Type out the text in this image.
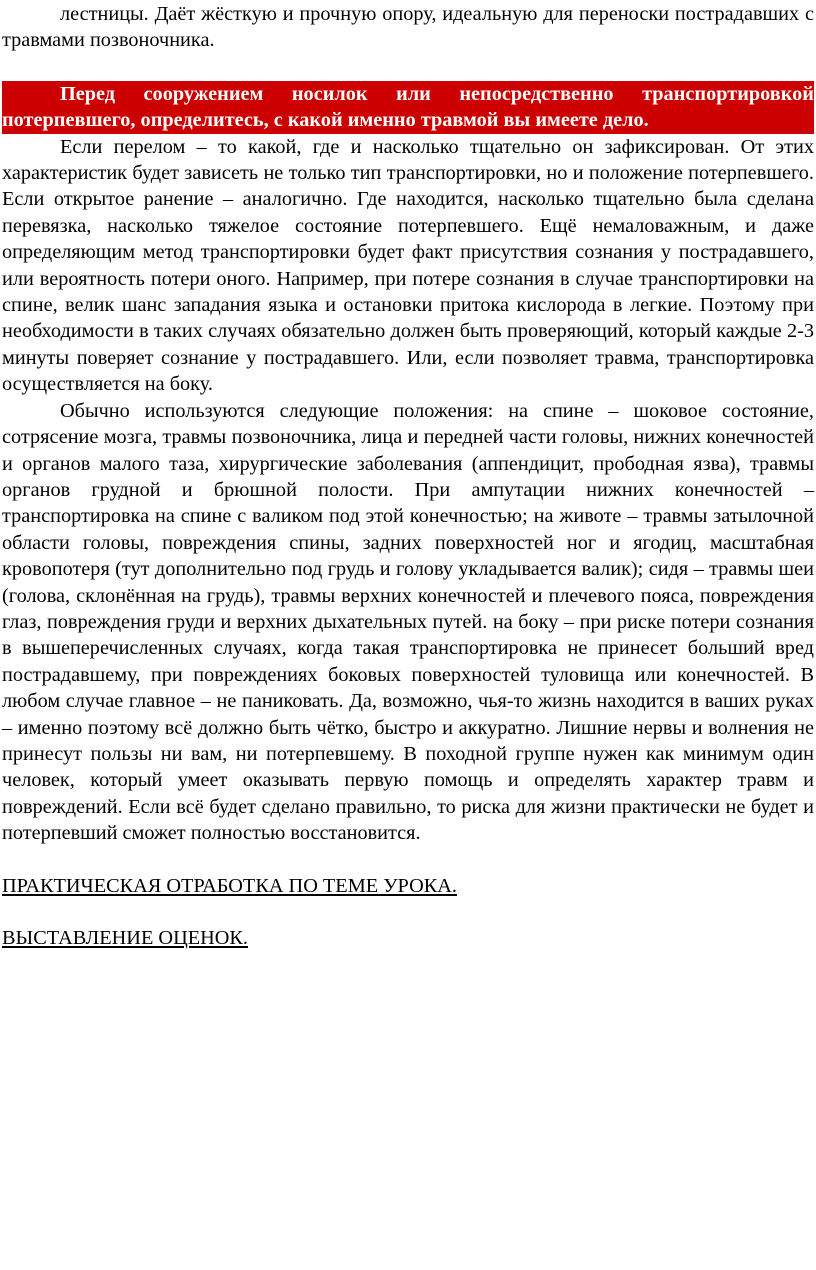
лестницы. Даёт жёсткую и прочную опору, идеальную для переноски пострадавших с травмами позвоночника.

Перед сооружением носилок или непосредственно транспортировкой потерпевшего, определитесь, с какой именно травмой вы имеете дело.

Если перелом – то какой, где и насколько тщательно он зафиксирован. От этих характеристик будет зависеть не только тип транспортировки, но и положение потерпевшего. Если открытое ранение – аналогично. Где находится, насколько тщательно была сделана перевязка, насколько тяжелое состояние потерпевшего. Ещё немаловажным, и даже определяющим метод транспортировки будет факт присутствия сознания у пострадавшего, или вероятность потери оного. Например, при потере сознания в случае транспортировки на спине, велик шанс западания языка и остановки притока кислорода в легкие. Поэтому при необходимости в таких случаях обязательно должен быть проверяющий, который каждые 2-3 минуты поверяет сознание у пострадавшего. Или, если позволяет травма, транспортировка осуществляется на боку.

Обычно используются следующие положения: на спине – шоковое состояние, сотрясение мозга, травмы позвоночника, лица и передней части головы, нижних конечностей и органов малого таза, хирургические заболевания (аппендицит, прободная язва), травмы органов грудной и брюшной полости. При ампутации нижних конечностей – транспортировка на спине с валиком под этой конечностью; на животе – травмы затылочной области головы, повреждения спины, задних поверхностей ног и ягодиц, масштабная кровопотеря (тут дополнительно под грудь и голову укладывается валик); сидя – травмы шеи (голова, склонённая на грудь), травмы верхних конечностей и плечевого пояса, повреждения глаз, повреждения груди и верхних дыхательных путей. на боку – при риске потери сознания в вышеперечисленных случаях, когда такая транспортировка не принесет больший вред пострадавшему, при повреждениях боковых поверхностей туловища или конечностей. В любом случае главное – не паниковать. Да, возможно, чья-то жизнь находится в ваших руках – именно поэтому всё должно быть чётко, быстро и аккуратно. Лишние нервы и волнения не принесут пользы ни вам, ни потерпевшему. В походной группе нужен как минимум один человек, который умеет оказывать первую помощь и определять характер травм и повреждений. Если всё будет сделано правильно, то риска для жизни практически не будет и потерпевший сможет полностью восстановится.

ПРАКТИЧЕСКАЯ ОТРАБОТКА ПО ТЕМЕ УРОКА.

ВЫСТАВЛЕНИЕ ОЦЕНОК.
